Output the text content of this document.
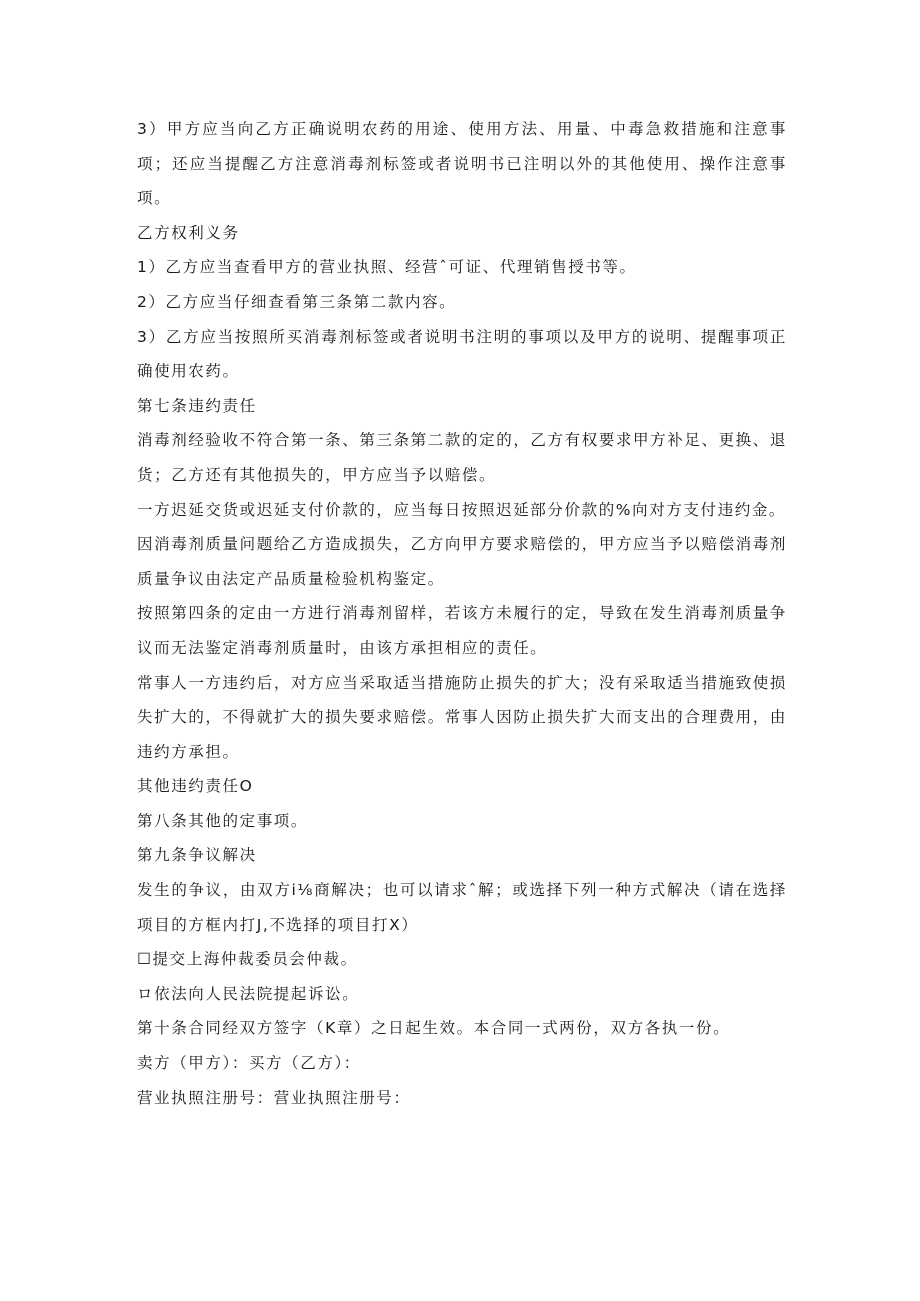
3）甲方应当向乙方正确说明农药的用途、使用方法、用量、中毒急救措施和注意事项；还应当提醒乙方注意消毒剂标签或者说明书已注明以外的其他使用、操作注意事项。

乙方权利义务

1）乙方应当查看甲方的营业执照、经营ˆ可证、代理销售授书等。

2）乙方应当仔细查看第三条第二款内容。

3）乙方应当按照所买消毒剂标签或者说明书注明的事项以及甲方的说明、提醒事项正确使用农药。

第七条违约责任

消毒剂经验收不符合第一条、第三条第二款的定的，乙方有权要求甲方补足、更换、退货；乙方还有其他损失的，甲方应当予以赔偿。

一方迟延交货或迟延支付价款的，应当每日按照迟延部分价款的%向对方支付违约金。

因消毒剂质量问题给乙方造成损失，乙方向甲方要求赔偿的，甲方应当予以赔偿消毒剂质量争议由法定产品质量检验机构鉴定。

按照第四条的定由一方进行消毒剂留样，若该方未履行的定，导致在发生消毒剂质量争议而无法鉴定消毒剂质量时，由该方承担相应的责任。

常事人一方违约后，对方应当采取适当措施防止损失的扩大；没有采取适当措施致使损失扩大的，不得就扩大的损失要求赔偿。常事人因防止损失扩大而支出的合理费用，由违约方承担。

其他违约责任O

第八条其他的定事项。

第九条争议解决

发生的争议，由双方i⅛商解决；也可以请求ˆ解；或选择下列一种方式解决（请在选择项目的方框内打J,不选择的项目打X）

☐提交上海仲裁委员会仲裁。

ロ依法向人民法院提起诉讼。

第十条合同经双方签字（K章）之日起生效。本合同一式两份，双方各执一份。

卖方（甲方）：买方（乙方）：

营业执照注册号：营业执照注册号：
